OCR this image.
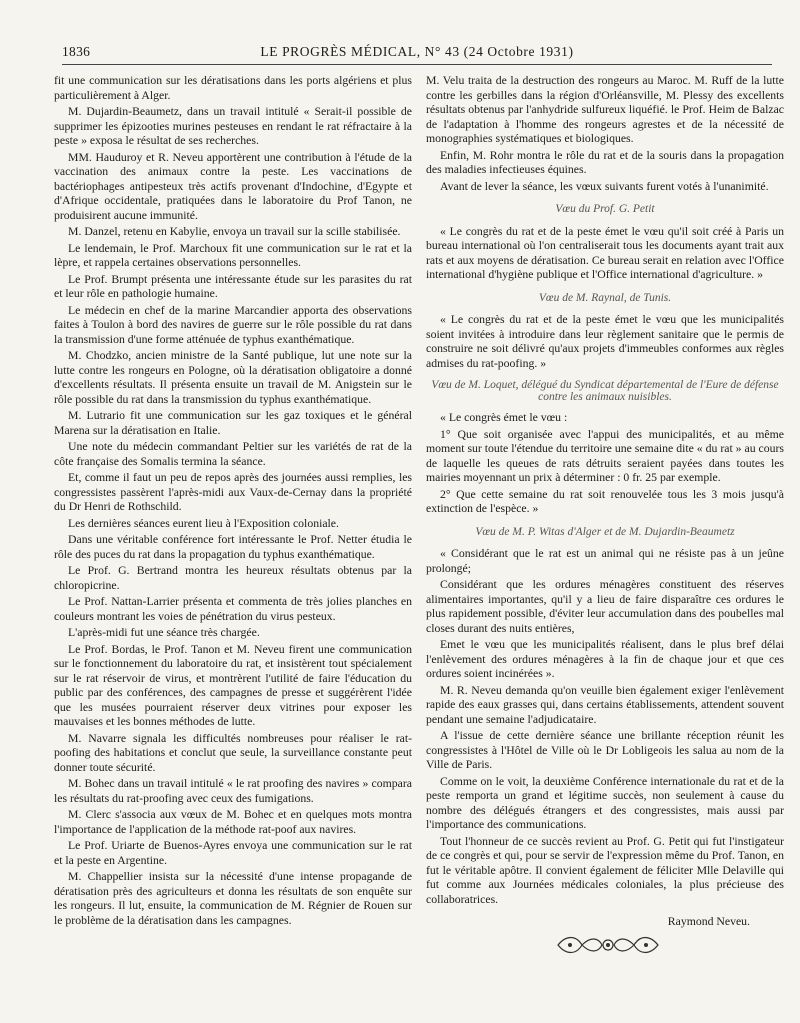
1836	LE PROGRÈS MÉDICAL, N° 43 (24 Octobre 1931)

fit une communication sur les dératisations dans les ports algériens et plus particulièrement à Alger.

M. Dujardin-Beaumetz, dans un travail intitulé « Serait-il possible de supprimer les épizooties murines pesteuses en rendant le rat réfractaire à la peste » exposa le résultat de ses recherches.

MM. Hauduroy et R. Neveu apportèrent une contribution à l'étude de la vaccination des animaux contre la peste. Les vaccinations de bactériophages antipesteux très actifs provenant d'Indochine, d'Egypte et d'Afrique occidentale, pratiquées dans le laboratoire du Prof Tanon, ne produisirent aucune immunité.

M. Danzel, retenu en Kabylie, envoya un travail sur la scille stabilisée.

Le lendemain, le Prof. Marchoux fit une communication sur le rat et la lèpre, et rappela certaines observations personnelles.

Le Prof. Brumpt présenta une intéressante étude sur les parasites du rat et leur rôle en pathologie humaine.

Le médecin en chef de la marine Marcandier apporta des observations faites à Toulon à bord des navires de guerre sur le rôle possible du rat dans la transmission d'une forme atténuée de typhus exanthématique.

M. Chodzko, ancien ministre de la Santé publique, lut une note sur la lutte contre les rongeurs en Pologne, où la dératisation obligatoire a donné d'excellents résultats. Il présenta ensuite un travail de M. Anigstein sur le rôle possible du rat dans la transmission du typhus exanthématique.

M. Lutrario fit une communication sur les gaz toxiques et le général Marena sur la dératisation en Italie.

Une note du médecin commandant Peltier sur les variétés de rat de la côte française des Somalis termina la séance.

Et, comme il faut un peu de repos après des journées aussi remplies, les congressistes passèrent l'après-midi aux Vaux-de-Cernay dans la propriété du Dr Henri de Rothschild.

Les dernières séances eurent lieu à l'Exposition coloniale.

Dans une véritable conférence fort intéressante le Prof. Netter étudia le rôle des puces du rat dans la propagation du typhus exanthématique.

Le Prof. G. Bertrand montra les heureux résultats obtenus par la chloropicrine.

Le Prof. Nattan-Larrier présenta et commenta de très jolies planches en couleurs montrant les voies de pénétration du virus pesteux.

L'après-midi fut une séance très chargée.

Le Prof. Bordas, le Prof. Tanon et M. Neveu firent une communication sur le fonctionnement du laboratoire du rat, et insistèrent tout spécialement sur le rat réservoir de virus, et montrèrent l'utilité de faire l'éducation du public par des conférences, des campagnes de presse et suggérèrent l'idée que les musées pourraient réserver deux vitrines pour exposer les mauvaises et les bonnes méthodes de lutte.

M. Navarre signala les difficultés nombreuses pour réaliser le rat-poofing des habitations et conclut que seule, la surveillance constante peut donner toute sécurité.

M. Bohec dans un travail intitulé « le rat proofing des navires » compara les résultats du rat-proofing avec ceux des fumigations.

M. Clerc s'associa aux vœux de M. Bohec et en quelques mots montra l'importance de l'application de la méthode rat-poof aux navires.

Le Prof. Uriarte de Buenos-Ayres envoya une communication sur le rat et la peste en Argentine.

M. Chappellier insista sur la nécessité d'une intense propagande de dératisation près des agriculteurs et donna les résultats de son enquête sur les rongeurs. Il lut, ensuite, la communication de M. Régnier de Rouen sur le problème de la dératisation dans les campagnes.

M. Velu traita de la destruction des rongeurs au Maroc. M. Ruff de la lutte contre les gerbilles dans la région d'Orléansville, M. Plessy des excellents résultats obtenus par l'anhydride sulfureux liquéfié. le Prof. Heim de Balzac de l'adaptation à l'homme des rongeurs agrestes et de la nécessité de monographies systématiques et biologiques.

Enfin, M. Rohr montra le rôle du rat et de la souris dans la propagation des maladies infectieuses équines.

Avant de lever la séance, les vœux suivants furent votés à l'unanimité.

Vœu du Prof. G. Petit

« Le congrès du rat et de la peste émet le vœu qu'il soit créé à Paris un bureau international où l'on centraliserait tous les documents ayant trait aux rats et aux moyens de dératisation. Ce bureau serait en relation avec l'Office international d'hygiène publique et l'Office international d'agriculture. »

Vœu de M. Raynal, de Tunis.

« Le congrès du rat et de la peste émet le vœu que les municipalités soient invitées à introduire dans leur règlement sanitaire que le permis de construire ne soit délivré qu'aux projets d'immeubles conformes aux règles admises du rat-poofing. »

Vœu de M. Loquet, délégué du Syndicat départemental de l'Eure de défense contre les animaux nuisibles.

« Le congrès émet le vœu :

1° Que soit organisée avec l'appui des municipalités, et au même moment sur toute l'étendue du territoire une semaine dite « du rat » au cours de laquelle les queues de rats détruits seraient payées dans toutes les mairies moyennant un prix à déterminer : 0 fr. 25 par exemple.

2° Que cette semaine du rat soit renouvelée tous les 3 mois jusqu'à extinction de l'espèce. »

Vœu de M. P. Witas d'Alger et de M. Dujardin-Beaumetz

« Considérant que le rat est un animal qui ne résiste pas à un jeûne prolongé;

Considérant que les ordures ménagères constituent des réserves alimentaires importantes, qu'il y a lieu de faire disparaître ces ordures le plus rapidement possible, d'éviter leur accumulation dans des poubelles mal closes durant des nuits entières,

Emet le vœu que les municipalités réalisent, dans le plus bref délai l'enlèvement des ordures ménagères à la fin de chaque jour et que ces ordures soient incinérées ».

M. R. Neveu demanda qu'on veuille bien également exiger l'enlèvement rapide des eaux grasses qui, dans certains établissements, attendent souvent pendant une semaine l'adjudicataire.

A l'issue de cette dernière séance une brillante réception réunit les congressistes à l'Hôtel de Ville où le Dr Lobligeois les salua au nom de la Ville de Paris.

Comme on le voit, la deuxième Conférence internationale du rat et de la peste remporta un grand et légitime succès, non seulement à cause du nombre des délégués étrangers et des congressistes, mais aussi par l'importance des communications.

Tout l'honneur de ce succès revient au Prof. G. Petit qui fut l'instigateur de ce congrès et qui, pour se servir de l'expression même du Prof. Tanon, en fut le véritable apôtre. Il convient également de féliciter Mlle Delaville qui fut comme aux Journées médicales coloniales, la plus précieuse des collaboratrices.

Raymond Neveu.
